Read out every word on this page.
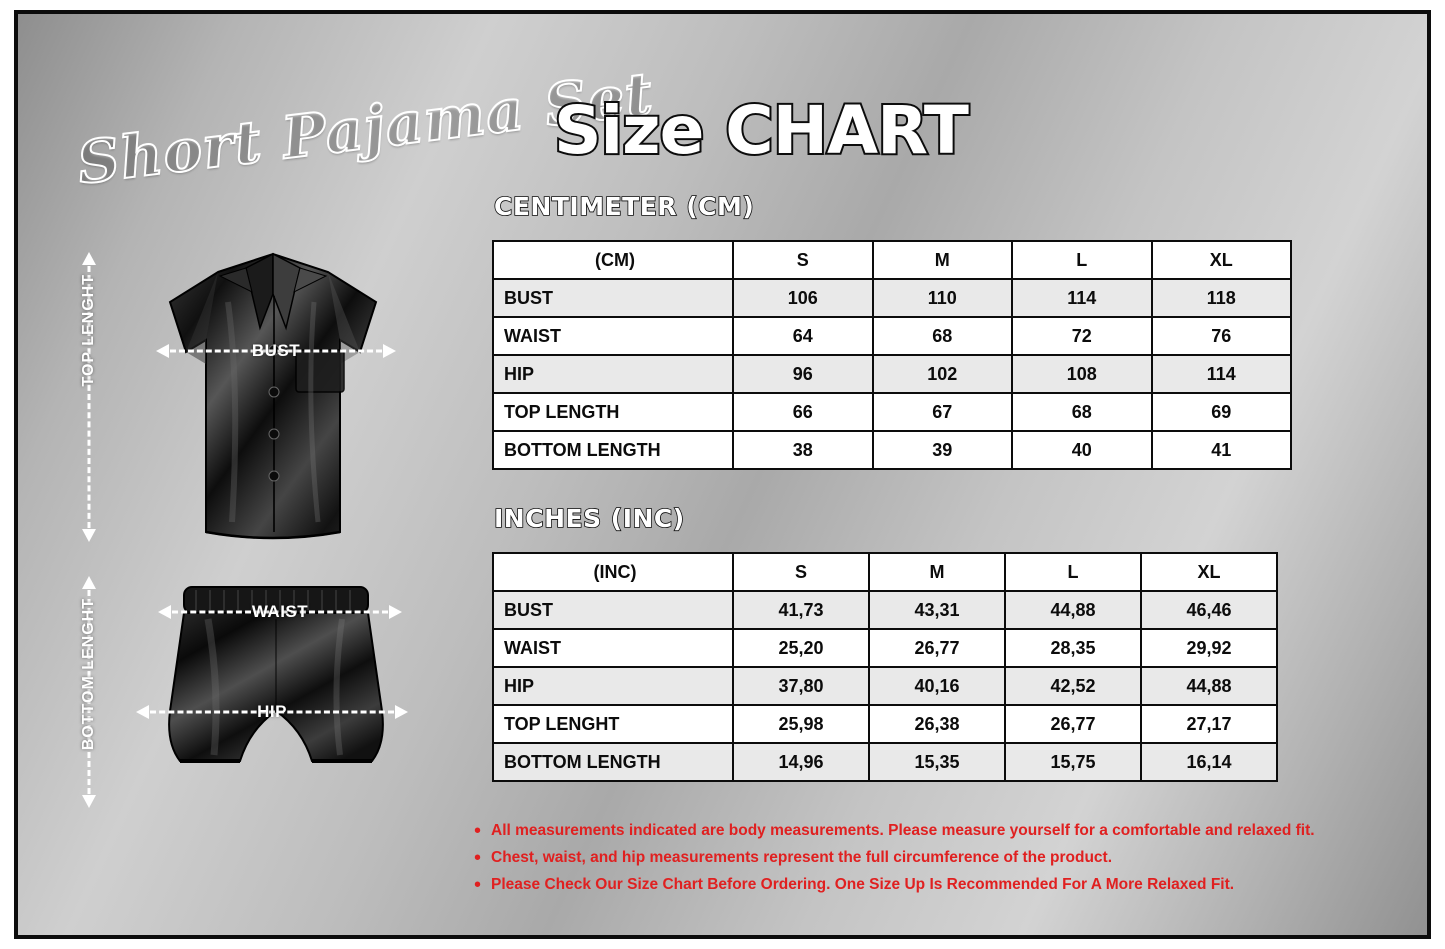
Short Pajama Set
Size CHART
CENTIMETER (CM)
INCHES (INC)
(CM)	S	M	L	XL
BUST	106	110	114	118
WAIST	64	68	72	76
HIP	96	102	108	114
TOP LENGTH	66	67	68	69
BOTTOM LENGTH	38	39	40	41
(INC)	S	M	L	XL
BUST	41,73	43,31	44,88	46,46
WAIST	25,20	26,77	28,35	29,92
HIP	37,80	40,16	42,52	44,88
TOP LENGHT	25,98	26,38	26,77	27,17
BOTTOM LENGTH	14,96	15,35	15,75	16,14
• All measurements indicated are body measurements. Please measure yourself for a comfortable and relaxed fit.
• Chest, waist, and hip measurements represent the full circumference of the product.
• Please Check Our Size Chart Before Ordering. One Size Up Is Recommended For A More Relaxed Fit.
TOP LENGHT
BOTTOM LENGHT
BUST
WAIST
HIP
